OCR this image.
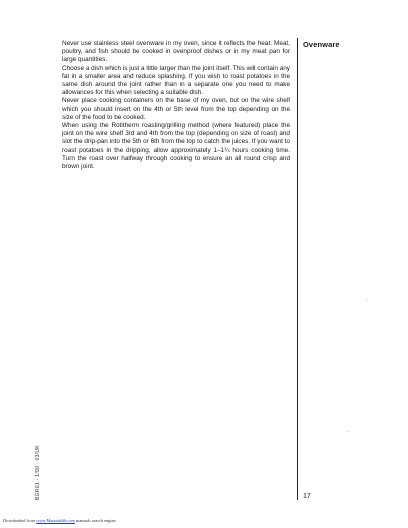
Never use stainless steel ovenware in my oven, since it reflects the heat. Meat, poultry, and fish should be cooked in ovenproof dishes or in my meat pan for large quantities.

Choose a dish which is just a little larger than the joint itself. This will contain any fat in a smaller area and reduce splashing. If you wish to roast potatoes in the same dish around the joint rather than in a separate one you need to make allowances for this when selecting a suitable dish.

Never place cooking containers on the base of my oven, but on the wire shelf which you should insert on the 4th or 5th level from the top depending on the size of the food to be cooked.

When using the Rotitherm roasting/grilling method (where featured) place the joint on the wire shelf 3rd and 4th from the top (depending on size of roast) and slot the drip-pan into the 5th or 6th from the top to catch the juices. If you want to roast potatoes in the dripping, allow approximately 1–1¼ hours cooking time. Turn the roast over halfway through cooking to ensure an all round crisp and brown joint.

Ovenware
17
BGR01 - 1/90 · 03/UK
Downloaded from www.Manualslib.com manuals search engine
